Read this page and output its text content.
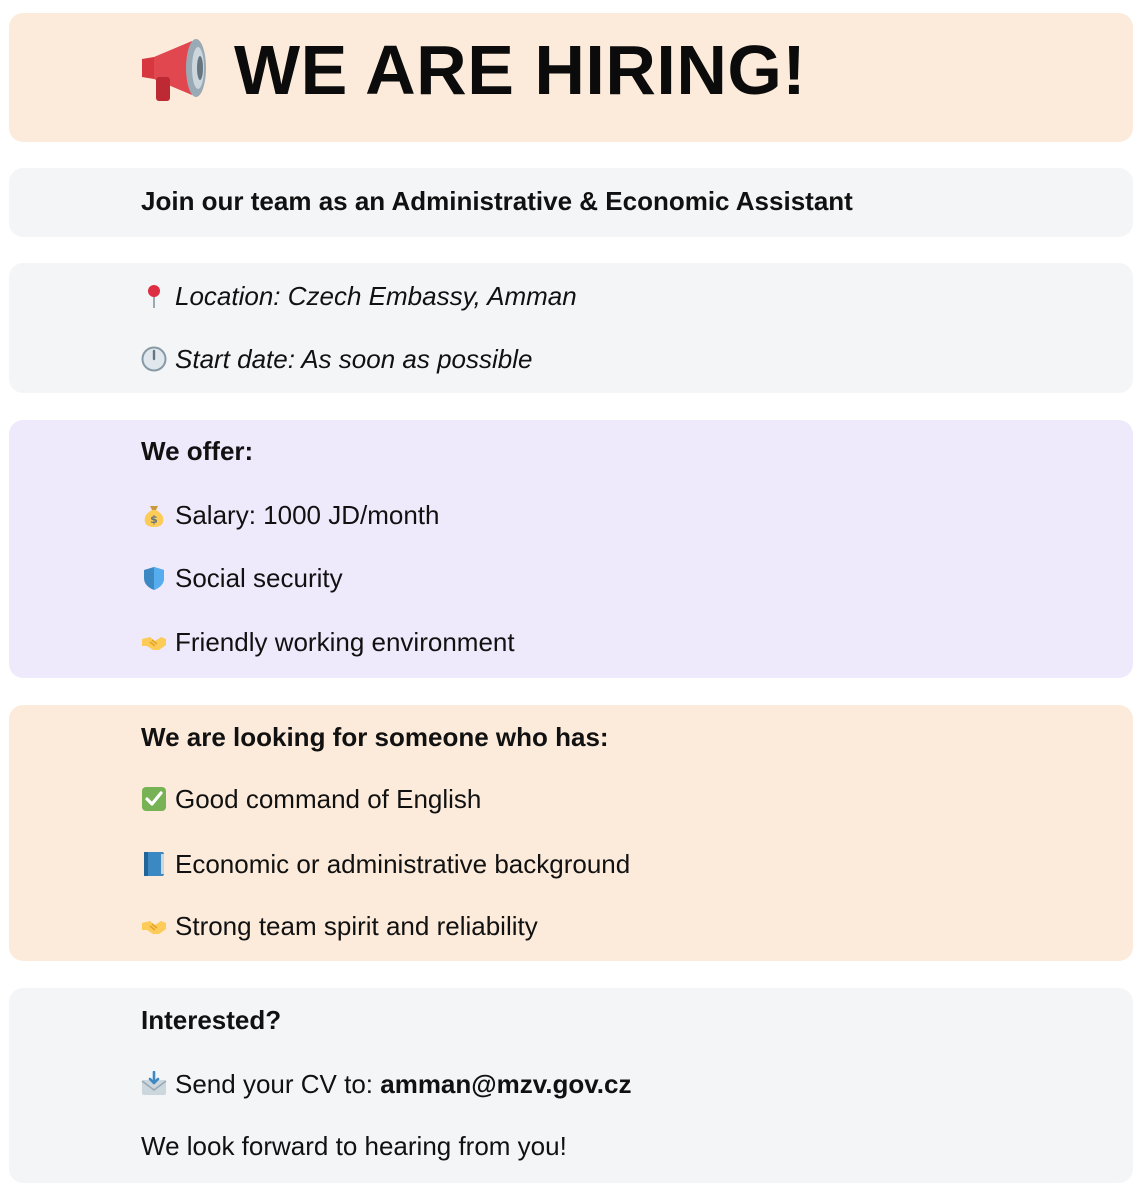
WE ARE HIRING!
Join our team as an Administrative & Economic Assistant
Location: Czech Embassy, Amman
Start date: As soon as possible
We offer:
$ Salary: 1000 JD/month
Social security
Friendly working environment
We are looking for someone who has:
Good command of English
Economic or administrative background
Strong team spirit and reliability
Interested?
Send your CV to: amman@mzv.gov.cz
We look forward to hearing from you!
